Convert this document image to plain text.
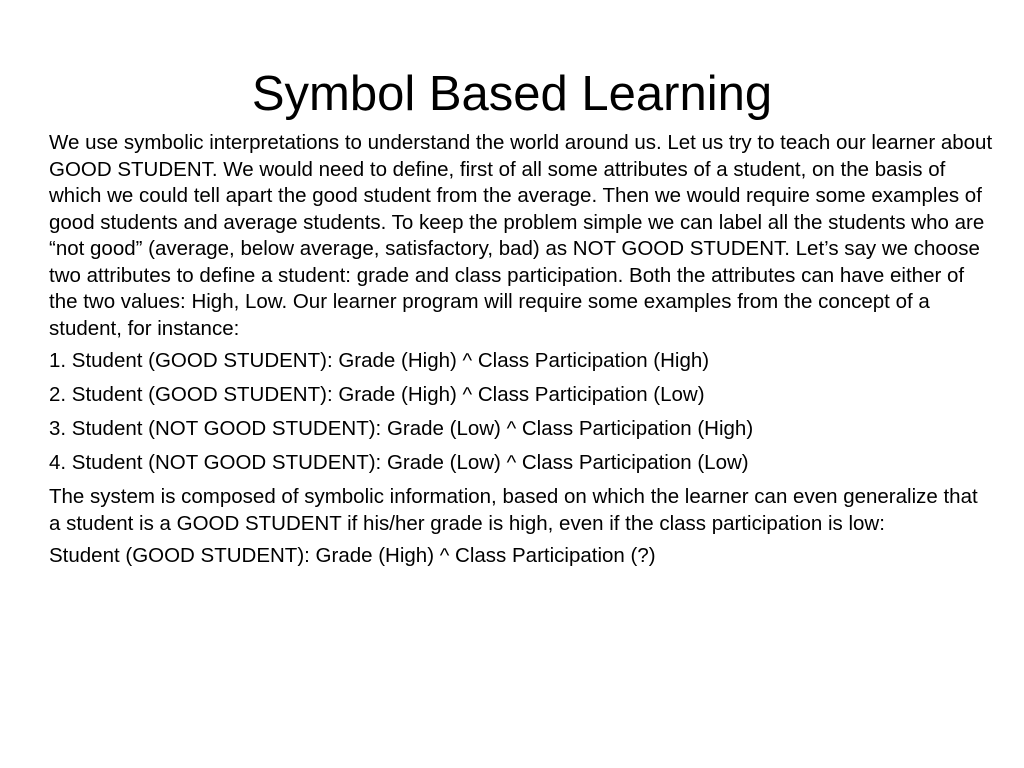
Symbol Based Learning

We use symbolic interpretations to understand the world around us. Let us try to teach our learner about GOOD STUDENT. We would need to define, first of all some attributes of a student, on the basis of which we could tell apart the good student from the average. Then we would require some examples of good students and average students. To keep the problem simple we can label all the students who are “not good” (average, below average, satisfactory, bad) as NOT GOOD STUDENT. Let’s say we choose two attributes to define a student: grade and class participation. Both the attributes can have either of the two values: High, Low. Our learner program will require some examples from the concept of a student, for instance:

1. Student (GOOD STUDENT): Grade (High) ^ Class Participation (High)

2. Student (GOOD STUDENT): Grade (High) ^ Class Participation (Low)

3. Student (NOT GOOD STUDENT): Grade (Low) ^ Class Participation (High)

4. Student (NOT GOOD STUDENT): Grade (Low) ^ Class Participation (Low)

The system is composed of symbolic information, based on which the learner can even generalize that a student is a GOOD STUDENT if his/her grade is high, even if the class participation is low:

Student (GOOD STUDENT): Grade (High) ^ Class Participation (?)
